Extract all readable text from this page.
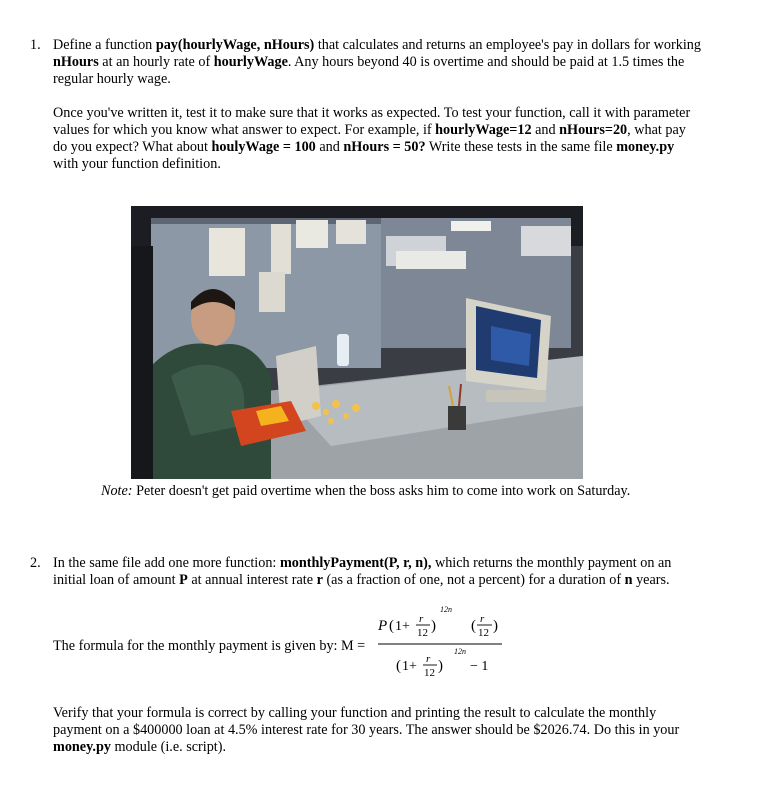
1. Define a function pay(hourlyWage, nHours) that calculates and returns an employee's pay in dollars for working

nHours at an hourly rate of hourlyWage. Any hours beyond 40 is overtime and should be paid at 1.5 times the

regular hourly wage.

Once you've written it, test it to make sure that it works as expected. To test your function, call it with parameter

values for which you know what answer to expect. For example, if hourlyWage=12 and nHours=20, what pay

do you expect? What about houlyWage = 100 and nHours = 50? Write these tests in the same file money.py

with your function definition.

Note: Peter doesn't get paid overtime when the boss asks him to come into work on Saturday.
2. In the same file add one more function: monthlyPayment(P, r, n), which returns the monthly payment on an

initial loan of amount P at annual interest rate r (as a fraction of one, not a percent) for a duration of n years.

The formula for the monthly payment is given by: M =
P ( 1+ r
12 )
12n
( r
12 )
( 1+ r
12 )
12n
− 1

Verify that your formula is correct by calling your function and printing the result to calculate the monthly

payment on a $400000 loan at 4.5% interest rate for 30 years. The answer should be $2026.74. Do this in your

money.py module (i.e. script).
